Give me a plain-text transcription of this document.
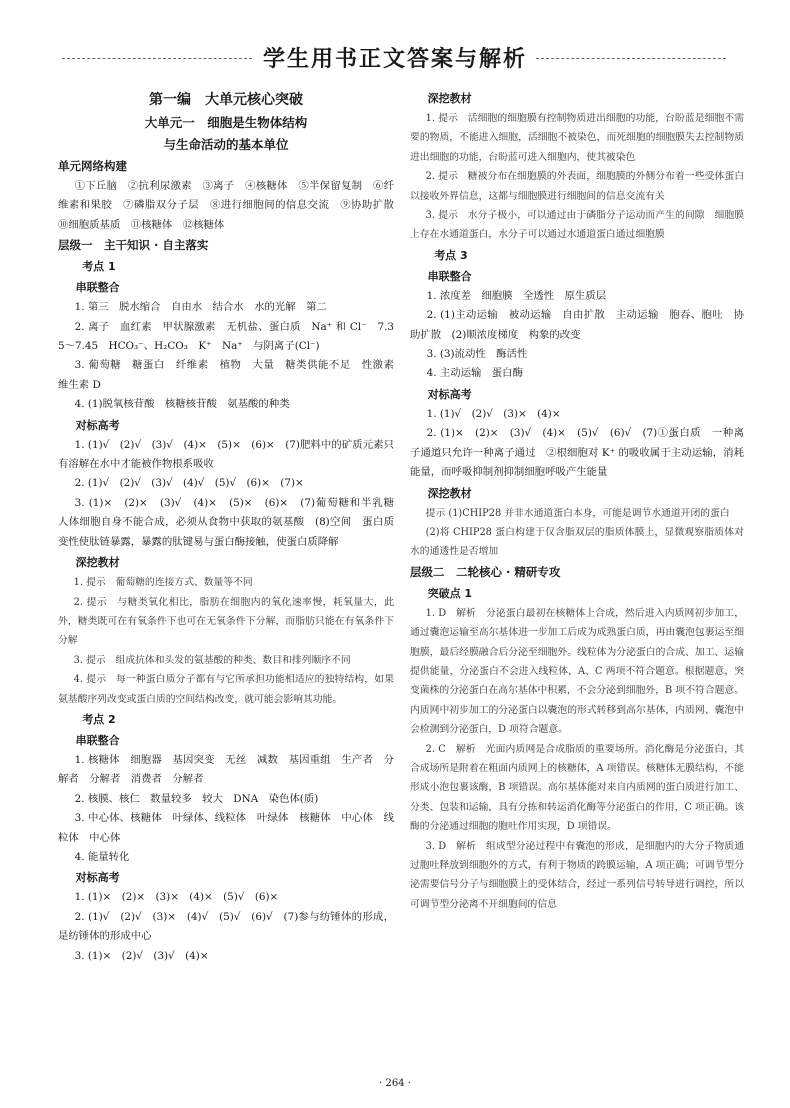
学生用书正文答案与解析
第一编　大单元核心突破
大单元一　细胞是生物体结构
与生命活动的基本单位
单元网络构建
①下丘脑　②抗利尿激素　③离子　④核糖体　⑤半保留复制　⑥纤维素和果胶　⑦磷脂双分子层　⑧进行细胞间的信息交流　⑨协助扩散　⑩细胞质基质　⑪核糖体　⑫核糖体
层级一　主干知识 · 自主落实
考点 1
串联整合
1. 第三　脱水缩合　自由水　结合水　水的光解　第二
2. 离子　血红素　甲状腺激素　无机盐、蛋白质　Na⁺ 和 Cl⁻　7.35～7.45　HCO₃⁻、H₂CO₃　K⁺　Na⁺　与阴离子(Cl⁻)
3. 葡萄糖　糖蛋白　纤维素　植物　大量　糖类供能不足　性激素　维生素 D
4. (1)脱氧核苷酸　核糖核苷酸　氨基酸的种类
对标高考
1. (1)√　(2)√　(3)√　(4)×　(5)×　(6)×　(7)肥料中的矿质元素只有溶解在水中才能被作物根系吸收
2. (1)√　(2)√　(3)√　(4)√　(5)√　(6)×　(7)×
3. (1)×　(2)×　(3)√　(4)×　(5)×　(6)×　(7)葡萄糖和半乳糖　人体细胞自身不能合成，必须从食物中获取的氨基酸　(8)空间　蛋白质变性使肽链暴露，暴露的肽键易与蛋白酶接触，使蛋白质降解
深挖教材
1. 提示　葡萄糖的连接方式、数量等不同
2. 提示　与糖类氧化相比，脂肪在细胞内的氧化速率慢，耗氧量大，此外，糖类既可在有氧条件下也可在无氧条件下分解，而脂肪只能在有氧条件下分解
3. 提示　组成抗体和头发的氨基酸的种类、数目和排列顺序不同
4. 提示　每一种蛋白质分子都有与它所承担功能相适应的独特结构，如果氨基酸序列改变或蛋白质的空间结构改变，就可能会影响其功能。
考点 2
串联整合
1. 核糖体　细胞器　基因突变　无丝　减数　基因重组　生产者　分解者　分解者　消费者　分解者
2. 核膜、核仁　数量较多　较大　DNA　染色体(质)
3. 中心体、核糖体　叶绿体、线粒体　叶绿体　核糖体　中心体　线粒体　中心体
4. 能量转化
对标高考
1. (1)×　(2)×　(3)×　(4)×　(5)√　(6)×
2. (1)√　(2)√　(3)×　(4)√　(5)√　(6)√　(7)参与纺锤体的形成，是纺锤体的形成中心
3. (1)×　(2)√　(3)√　(4)×
深挖教材
1. 提示　活细胞的细胞膜有控制物质进出细胞的功能，台盼蓝是细胞不需要的物质，不能进入细胞，活细胞不被染色，而死细胞的细胞膜失去控制物质进出细胞的功能，台盼蓝可进入细胞内，使其被染色
2. 提示　糖被分布在细胞膜的外表面，细胞膜的外侧分布着一些受体蛋白以接收外界信息，这都与细胞膜进行细胞间的信息交流有关
3. 提示　水分子极小，可以通过由于磷脂分子运动而产生的间隙　细胞膜上存在水通道蛋白，水分子可以通过水通道蛋白通过细胞膜
考点 3
串联整合
1. 浓度差　细胞膜　全透性　原生质层
2. (1)主动运输　被动运输　自由扩散　主动运输　胞吞、胞吐　协助扩散　(2)顺浓度梯度　构象的改变
3. (3)流动性　酶活性
4. 主动运输　蛋白酶
对标高考
1. (1)√　(2)√　(3)×　(4)×
2. (1)×　(2)×　(3)√　(4)×　(5)√　(6)√　(7)①蛋白质　一种离子通道只允许一种离子通过　②根细胞对 K⁺ 的吸收属于主动运输，消耗能量，而呼吸抑制剂抑制细胞呼吸产生能量
深挖教材
提示 (1)CHIP28 并非水通道蛋白本身，可能是调节水通道开闭的蛋白
(2)将 CHIP28 蛋白构建于仅含脂双层的脂质体膜上，显微观察脂质体对水的通透性是否增加
层级二　二轮核心 · 精研专攻
突破点 1
1. D　解析　分泌蛋白最初在核糖体上合成，然后进入内质网初步加工，通过囊泡运输至高尔基体进一步加工后成为成熟蛋白质，再由囊泡包裹运至细胞膜，最后经膜融合后分泌至细胞外。线粒体为分泌蛋白的合成、加工、运输提供能量，分泌蛋白不会进入线粒体，A、C 两项不符合题意。根据题意，突变菌株的分泌蛋白在高尔基体中积累，不会分泌到细胞外，B 项不符合题意。内质网中初步加工的分泌蛋白以囊泡的形式转移到高尔基体，内质网、囊泡中会检测到分泌蛋白，D 项符合题意。
2. C　解析　光面内质网是合成脂质的重要场所。消化酶是分泌蛋白，其合成场所是附着在粗面内质网上的核糖体，A 项错误。核糖体无膜结构，不能形成小泡包裹该酶，B 项错误。高尔基体能对来自内质网的蛋白质进行加工、分类、包装和运输，具有分拣和转运消化酶等分泌蛋白的作用，C 项正确。该酶的分泌通过细胞的胞吐作用实现，D 项错误。
3. D　解析　组成型分泌过程中有囊泡的形成，是细胞内的大分子物质通过胞吐释放到细胞外的方式，有利于物质的跨膜运输，A 项正确；可调节型分泌需要信号分子与细胞膜上的受体结合，经过一系列信号转导进行调控，所以可调节型分泌离不开细胞间的信息
· 264 ·
